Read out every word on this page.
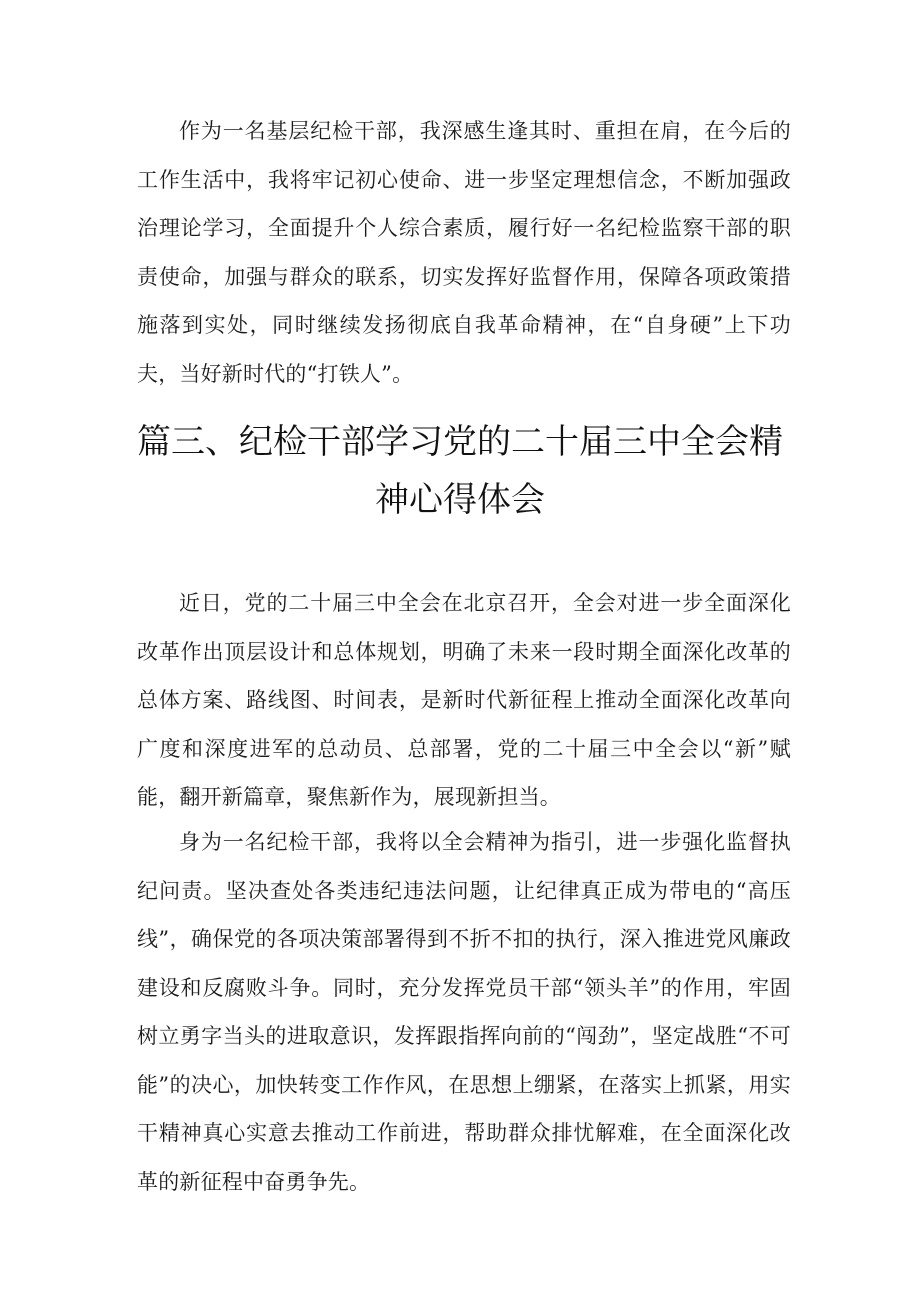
作为一名基层纪检干部，我深感生逢其时、重担在肩，在今后的工作生活中，我将牢记初心使命、进一步坚定理想信念，不断加强政治理论学习，全面提升个人综合素质，履行好一名纪检监察干部的职责使命，加强与群众的联系，切实发挥好监督作用，保障各项政策措施落到实处，同时继续发扬彻底自我革命精神，在“自身硬”上下功夫，当好新时代的“打铁人”。

篇三、纪检干部学习党的二十届三中全会精神心得体会

近日，党的二十届三中全会在北京召开，全会对进一步全面深化改革作出顶层设计和总体规划，明确了未来一段时期全面深化改革的总体方案、路线图、时间表，是新时代新征程上推动全面深化改革向广度和深度进军的总动员、总部署，党的二十届三中全会以“新”赋能，翻开新篇章，聚焦新作为，展现新担当。

身为一名纪检干部，我将以全会精神为指引，进一步强化监督执纪问责。坚决查处各类违纪违法问题，让纪律真正成为带电的“高压线”，确保党的各项决策部署得到不折不扣的执行，深入推进党风廉政建设和反腐败斗争。同时，充分发挥党员干部“领头羊”的作用，牢固树立勇字当头的进取意识，发挥跟指挥向前的“闯劲”，坚定战胜“不可能”的决心，加快转变工作作风，在思想上绷紧，在落实上抓紧，用实干精神真心实意去推动工作前进，帮助群众排忧解难，在全面深化改革的新征程中奋勇争先。
